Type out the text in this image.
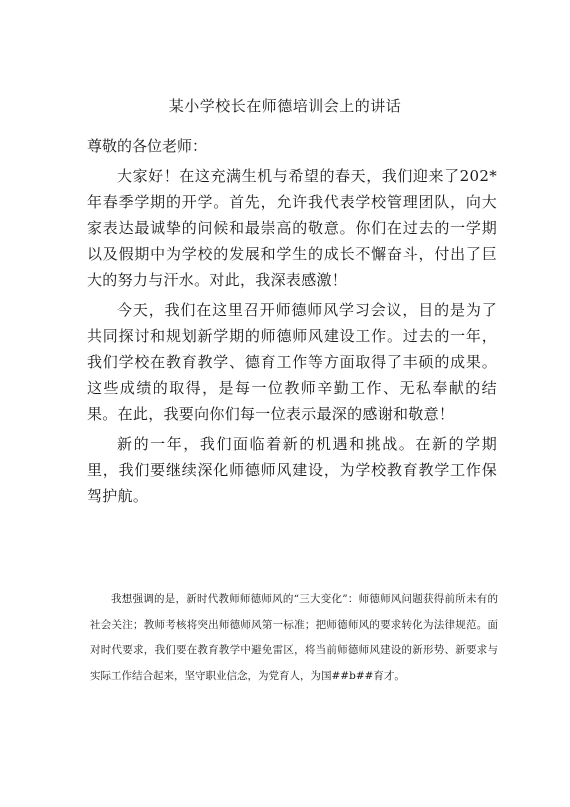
某小学校长在师德培训会上的讲话

尊敬的各位老师：

大家好！在这充满生机与希望的春天，我们迎来了202*年春季学期的开学。首先，允许我代表学校管理团队，向大家表达最诚挚的问候和最崇高的敬意。你们在过去的一学期以及假期中为学校的发展和学生的成长不懈奋斗，付出了巨大的努力与汗水。对此，我深表感激！

今天，我们在这里召开师德师风学习会议，目的是为了共同探讨和规划新学期的师德师风建设工作。过去的一年，我们学校在教育教学、德育工作等方面取得了丰硕的成果。这些成绩的取得，是每一位教师辛勤工作、无私奉献的结果。在此，我要向你们每一位表示最深的感谢和敬意！

新的一年，我们面临着新的机遇和挑战。在新的学期里，我们要继续深化师德师风建设，为学校教育教学工作保驾护航。

我想强调的是，新时代教师师德师风的“三大变化”：师德师风问题获得前所未有的社会关注；教师考核将突出师德师风第一标准；把师德师风的要求转化为法律规范。面对时代要求，我们要在教育教学中避免雷区，将当前师德师风建设的新形势、新要求与实际工作结合起来，坚守职业信念，为党育人，为国##b##育才。
